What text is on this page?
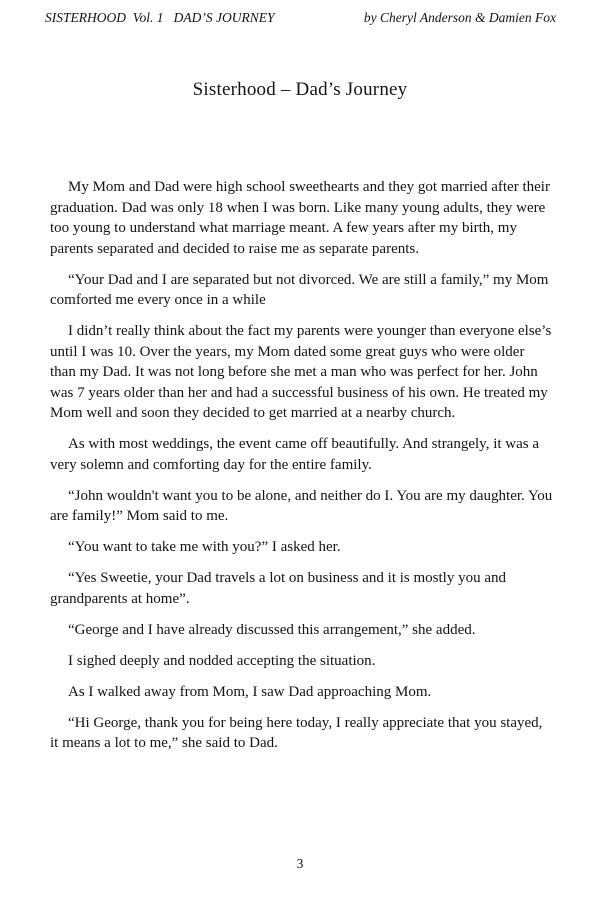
SISTERHOOD  Vol. 1   DAD’S JOURNEY	by Cheryl Anderson & Damien Fox
Sisterhood – Dad’s Journey

My Mom and Dad were high school sweethearts and they got married after their graduation. Dad was only 18 when I was born. Like many young adults, they were too young to understand what marriage meant. A few years after my birth, my parents separated and decided to raise me as separate parents.

“Your Dad and I are separated but not divorced. We are still a family,” my Mom comforted me every once in a while

I didn’t really think about the fact my parents were younger than everyone else’s until I was 10. Over the years, my Mom dated some great guys who were older than my Dad. It was not long before she met a man who was perfect for her. John was 7 years older than her and had a successful business of his own. He treated my Mom well and soon they decided to get married at a nearby church.

As with most weddings, the event came off beautifully. And strangely, it was a very solemn and comforting day for the entire family.

“John wouldn't want you to be alone, and neither do I. You are my daughter. You are family!” Mom said to me.

“You want to take me with you?” I asked her.

“Yes Sweetie, your Dad travels a lot on business and it is mostly you and grandparents at home”.

“George and I have already discussed this arrangement,” she added.

I sighed deeply and nodded accepting the situation.

As I walked away from Mom, I saw Dad approaching Mom.

“Hi George, thank you for being here today, I really appreciate that you stayed, it means a lot to me,” she said to Dad.

3
